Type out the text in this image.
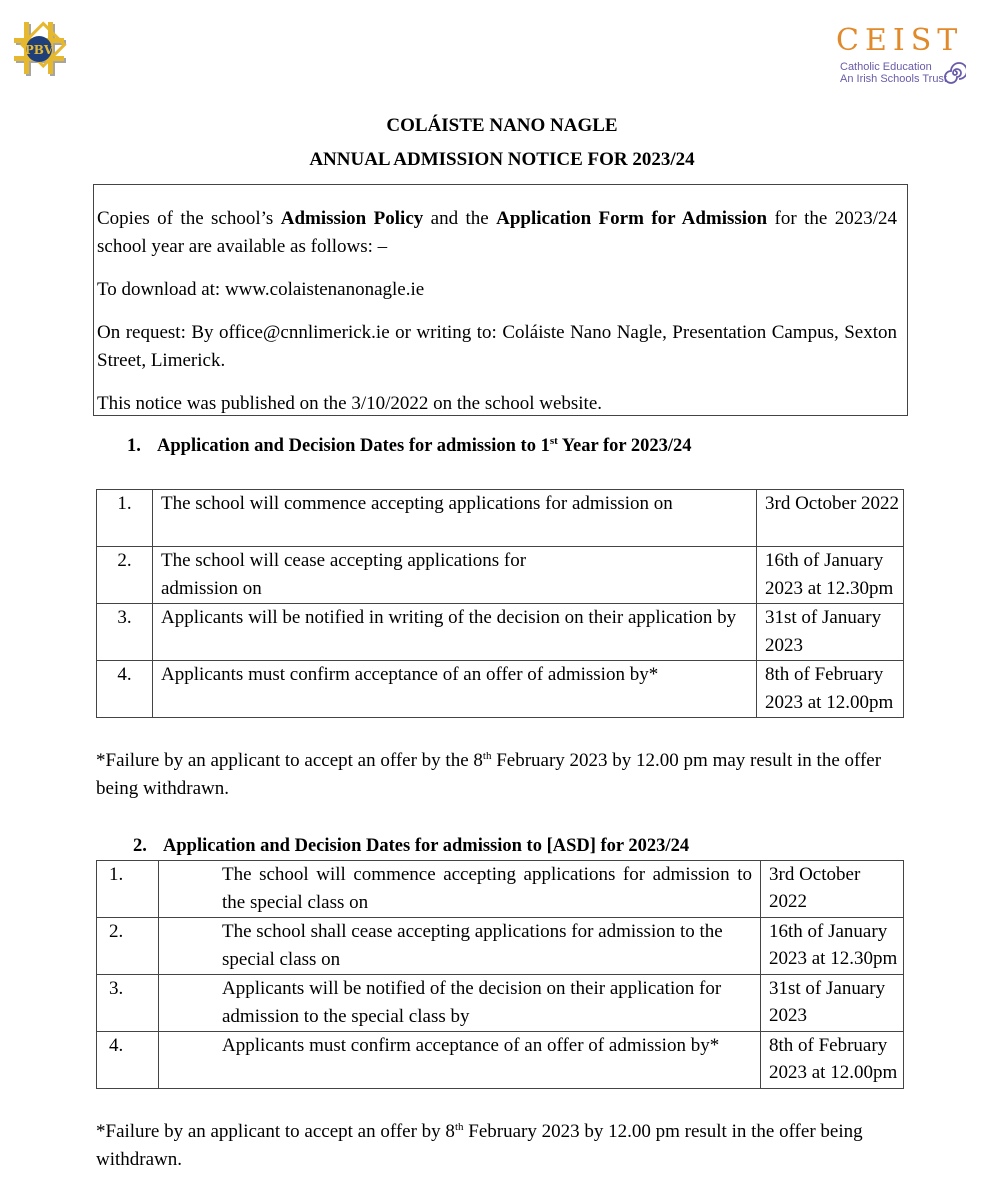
PBV	CEIST
Catholic Education
An Irish Schools Trust
COLÁISTE NANO NAGLE
ANNUAL ADMISSION NOTICE FOR 2023/24

Copies of the school’s Admission Policy and the Application Form for Admission for the 2023/24 school year are available as follows: –

To download at: www.colaistenanonagle.ie

On request: By office@cnnlimerick.ie or writing to: Coláiste Nano Nagle, Presentation Campus, Sexton Street, Limerick.

This notice was published on the 3/10/2022 on the school website.

1. Application and Decision Dates for admission to 1st Year for 2023/24
1.	The school will commence accepting applications for admission on	3rd October 2022
2.	The school will cease accepting applications for admission on	16th of January 2023 at 12.30pm
3.	Applicants will be notified in writing of the decision on their application by	31st of January 2023
4.	Applicants must confirm acceptance of an offer of admission by*	8th of February 2023 at 12.00pm

*Failure by an applicant to accept an offer by the 8th February 2023 by 12.00 pm may result in the offer being withdrawn.

2. Application and Decision Dates for admission to [ASD] for 2023/24
1.	The school will commence accepting applications for admission to the special class on	3rd October 2022
2.	The school shall cease accepting applications for admission to the special class on	16th of January 2023 at 12.30pm
3.	Applicants will be notified of the decision on their application for admission to the special class by	31st of January 2023
4.	Applicants must confirm acceptance of an offer of admission by*	8th of February 2023 at 12.00pm

*Failure by an applicant to accept an offer by 8th February 2023 by 12.00 pm result in the offer being withdrawn.
